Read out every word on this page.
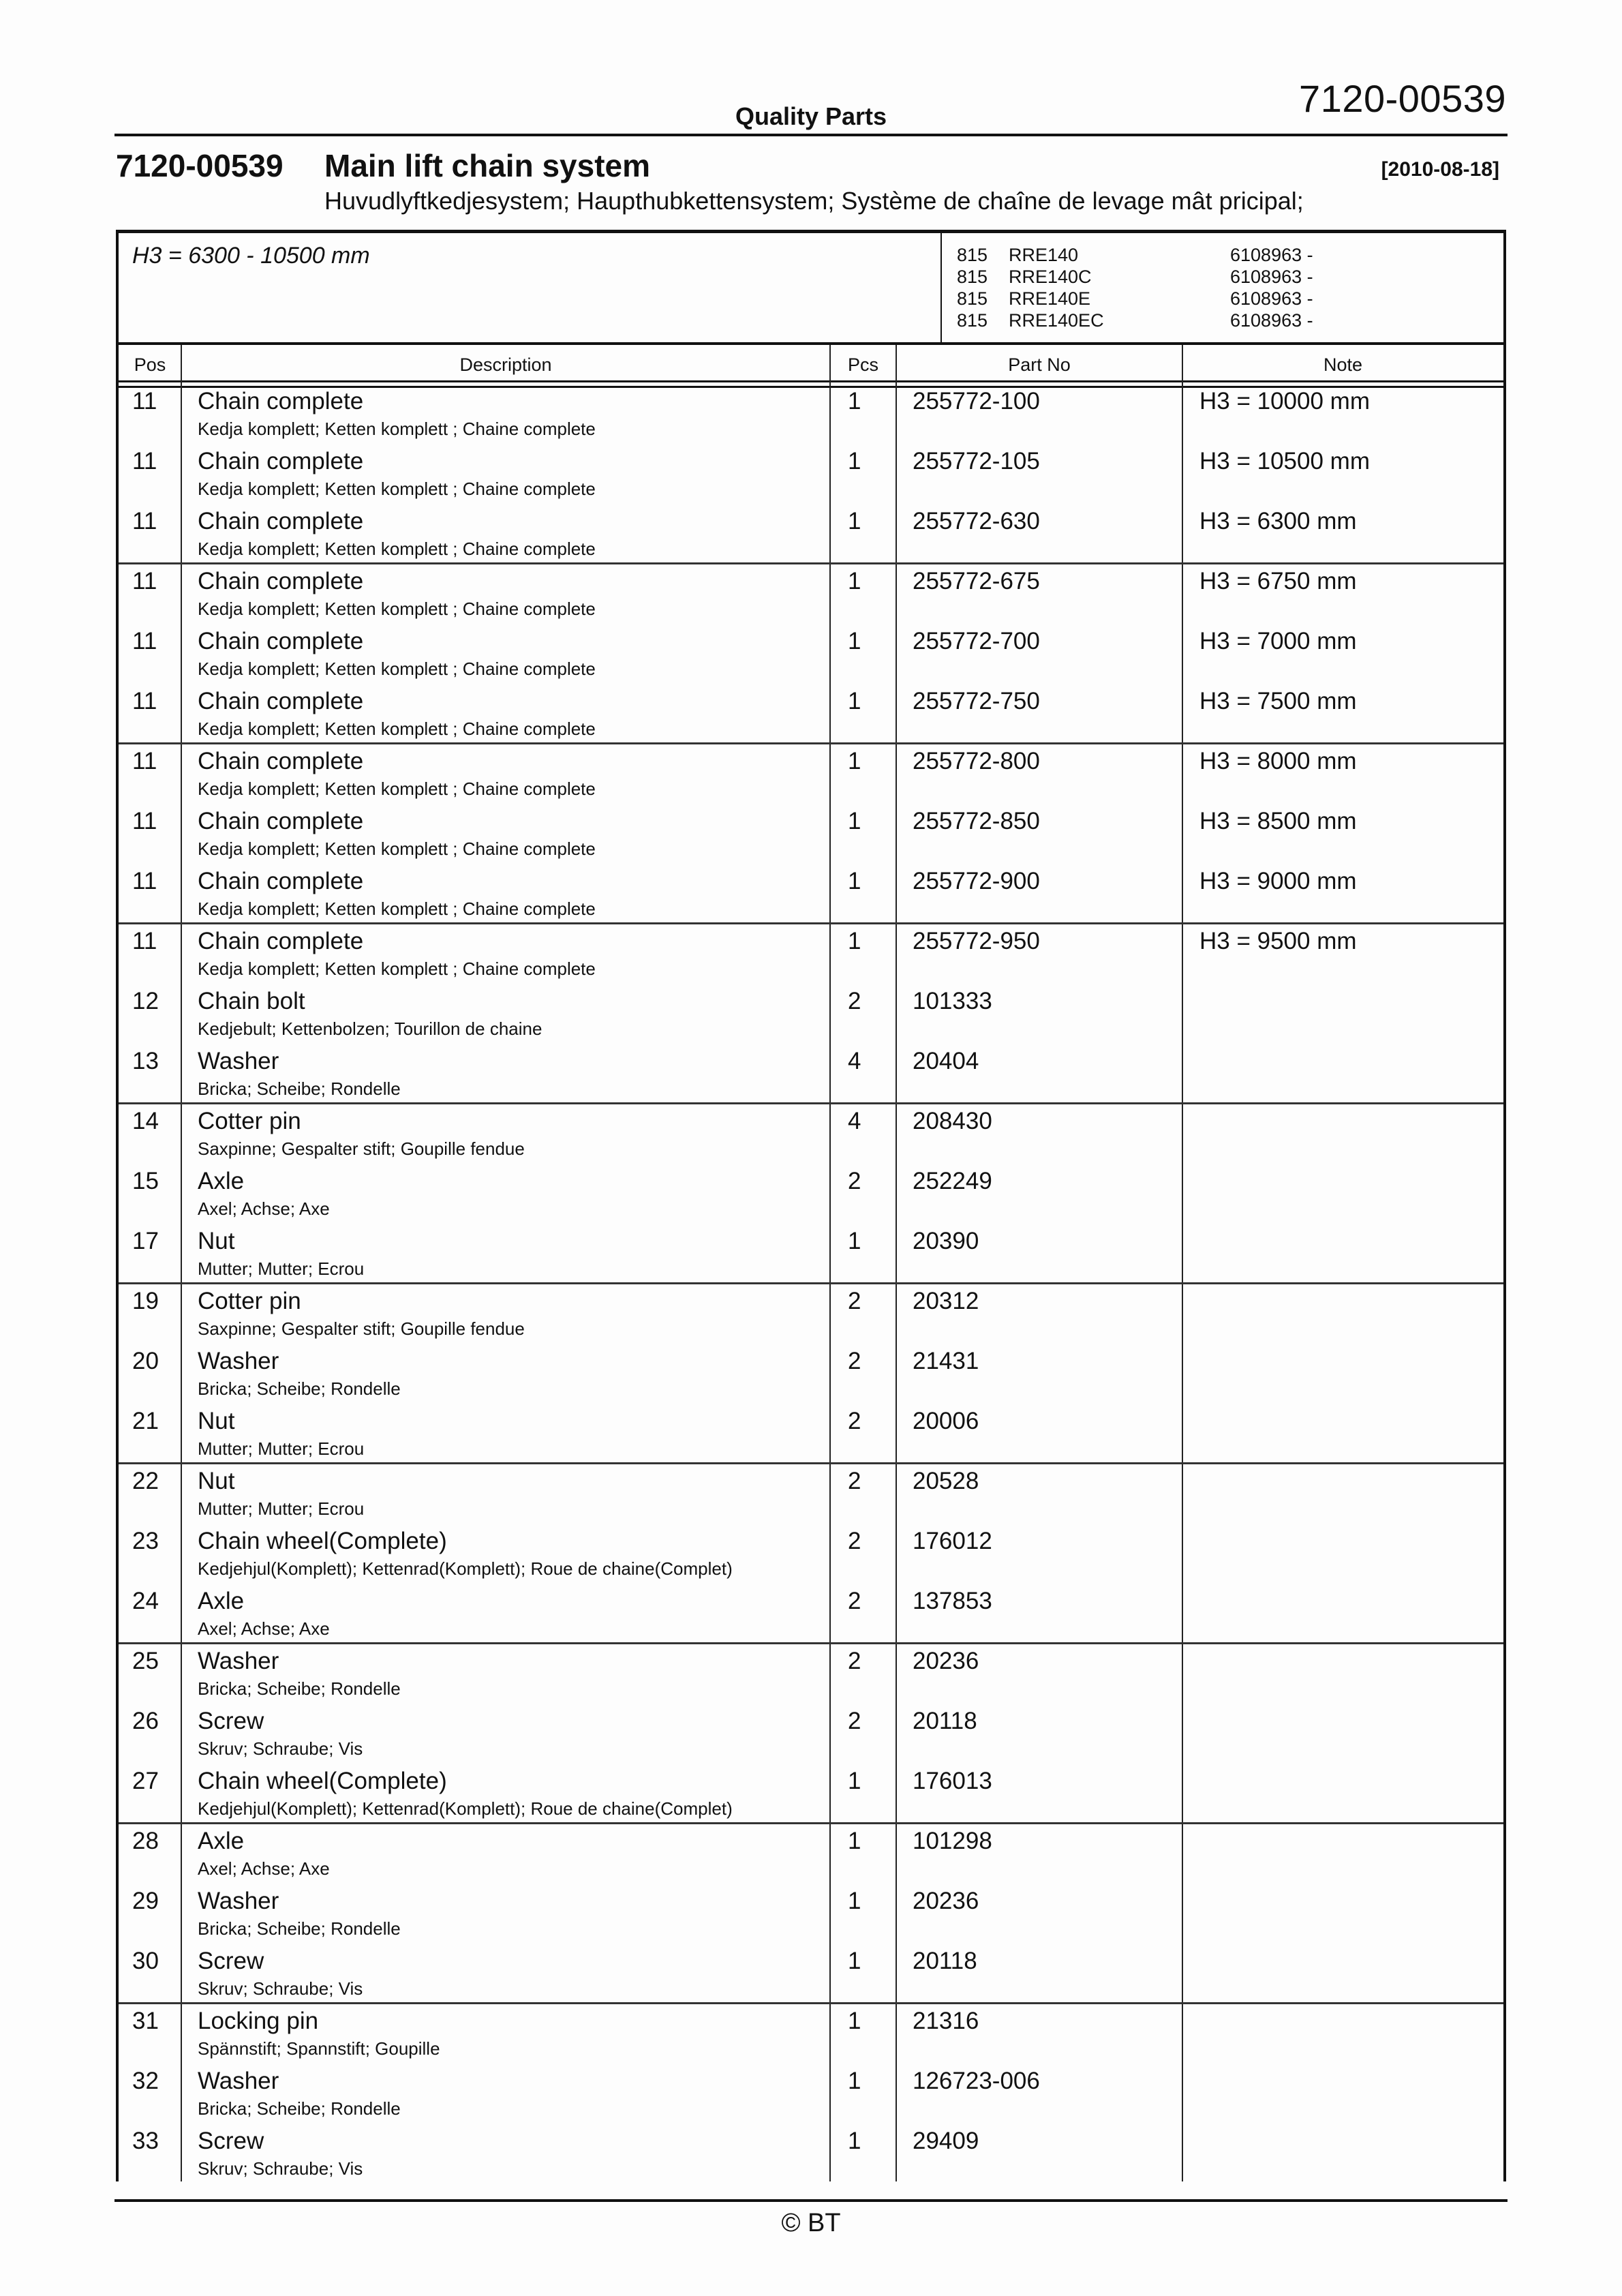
7120-00539
Quality Parts
7120-00539 Main lift chain system	[2010-08-18]
Huvudlyftkedjesystem; Haupthubkettensystem; Système de chaîne de levage mât pricipal;
H3 = 6300 - 10500 mm	815	RRE140	6108963 -
815	RRE140C	6108963 -
815	RRE140E	6108963 -
815	RRE140EC	6108963 -
Pos	Description	Pcs	Part No	Note
11 Chain complete
Kedja komplett; Ketten komplett ; Chaine complete
1 255772-100	H3 = 10000 mm
11 Chain complete
Kedja komplett; Ketten komplett ; Chaine complete
1 255772-105	H3 = 10500 mm
11 Chain complete
Kedja komplett; Ketten komplett ; Chaine complete
1 255772-630	H3 = 6300 mm
11 Chain complete
Kedja komplett; Ketten komplett ; Chaine complete
1 255772-675	H3 = 6750 mm
11 Chain complete
Kedja komplett; Ketten komplett ; Chaine complete
1 255772-700	H3 = 7000 mm
11 Chain complete
Kedja komplett; Ketten komplett ; Chaine complete
1 255772-750	H3 = 7500 mm
11 Chain complete
Kedja komplett; Ketten komplett ; Chaine complete
1 255772-800	H3 = 8000 mm
11 Chain complete
Kedja komplett; Ketten komplett ; Chaine complete
1 255772-850	H3 = 8500 mm
11 Chain complete
Kedja komplett; Ketten komplett ; Chaine complete
1 255772-900	H3 = 9000 mm
11 Chain complete
Kedja komplett; Ketten komplett ; Chaine complete
1 255772-950	H3 = 9500 mm
12 Chain bolt
Kedjebult; Kettenbolzen; Tourillon de chaine
2 101333
13 Washer
Bricka; Scheibe; Rondelle
4 20404
14 Cotter pin
Saxpinne; Gespalter stift; Goupille fendue
4 208430
15 Axle
Axel; Achse; Axe
2 252249
17 Nut
Mutter; Mutter; Ecrou
1 20390
19 Cotter pin
Saxpinne; Gespalter stift; Goupille fendue
2 20312
20 Washer
Bricka; Scheibe; Rondelle
2 21431
21 Nut
Mutter; Mutter; Ecrou
2 20006
22 Nut
Mutter; Mutter; Ecrou
2 20528
23 Chain wheel(Complete)
Kedjehjul(Komplett); Kettenrad(Komplett); Roue de chaine(Complet)
2 176012
24 Axle
Axel; Achse; Axe
2 137853
25 Washer
Bricka; Scheibe; Rondelle
2 20236
26 Screw
Skruv; Schraube; Vis
2 20118
27 Chain wheel(Complete)
Kedjehjul(Komplett); Kettenrad(Komplett); Roue de chaine(Complet)
1 176013
28 Axle
Axel; Achse; Axe
1 101298
29 Washer
Bricka; Scheibe; Rondelle
1 20236
30 Screw
Skruv; Schraube; Vis
1 20118
31 Locking pin
Spännstift; Spannstift; Goupille
1 21316
32 Washer
Bricka; Scheibe; Rondelle
1 126723-006
33 Screw
Skruv; Schraube; Vis
1 29409
© BT
